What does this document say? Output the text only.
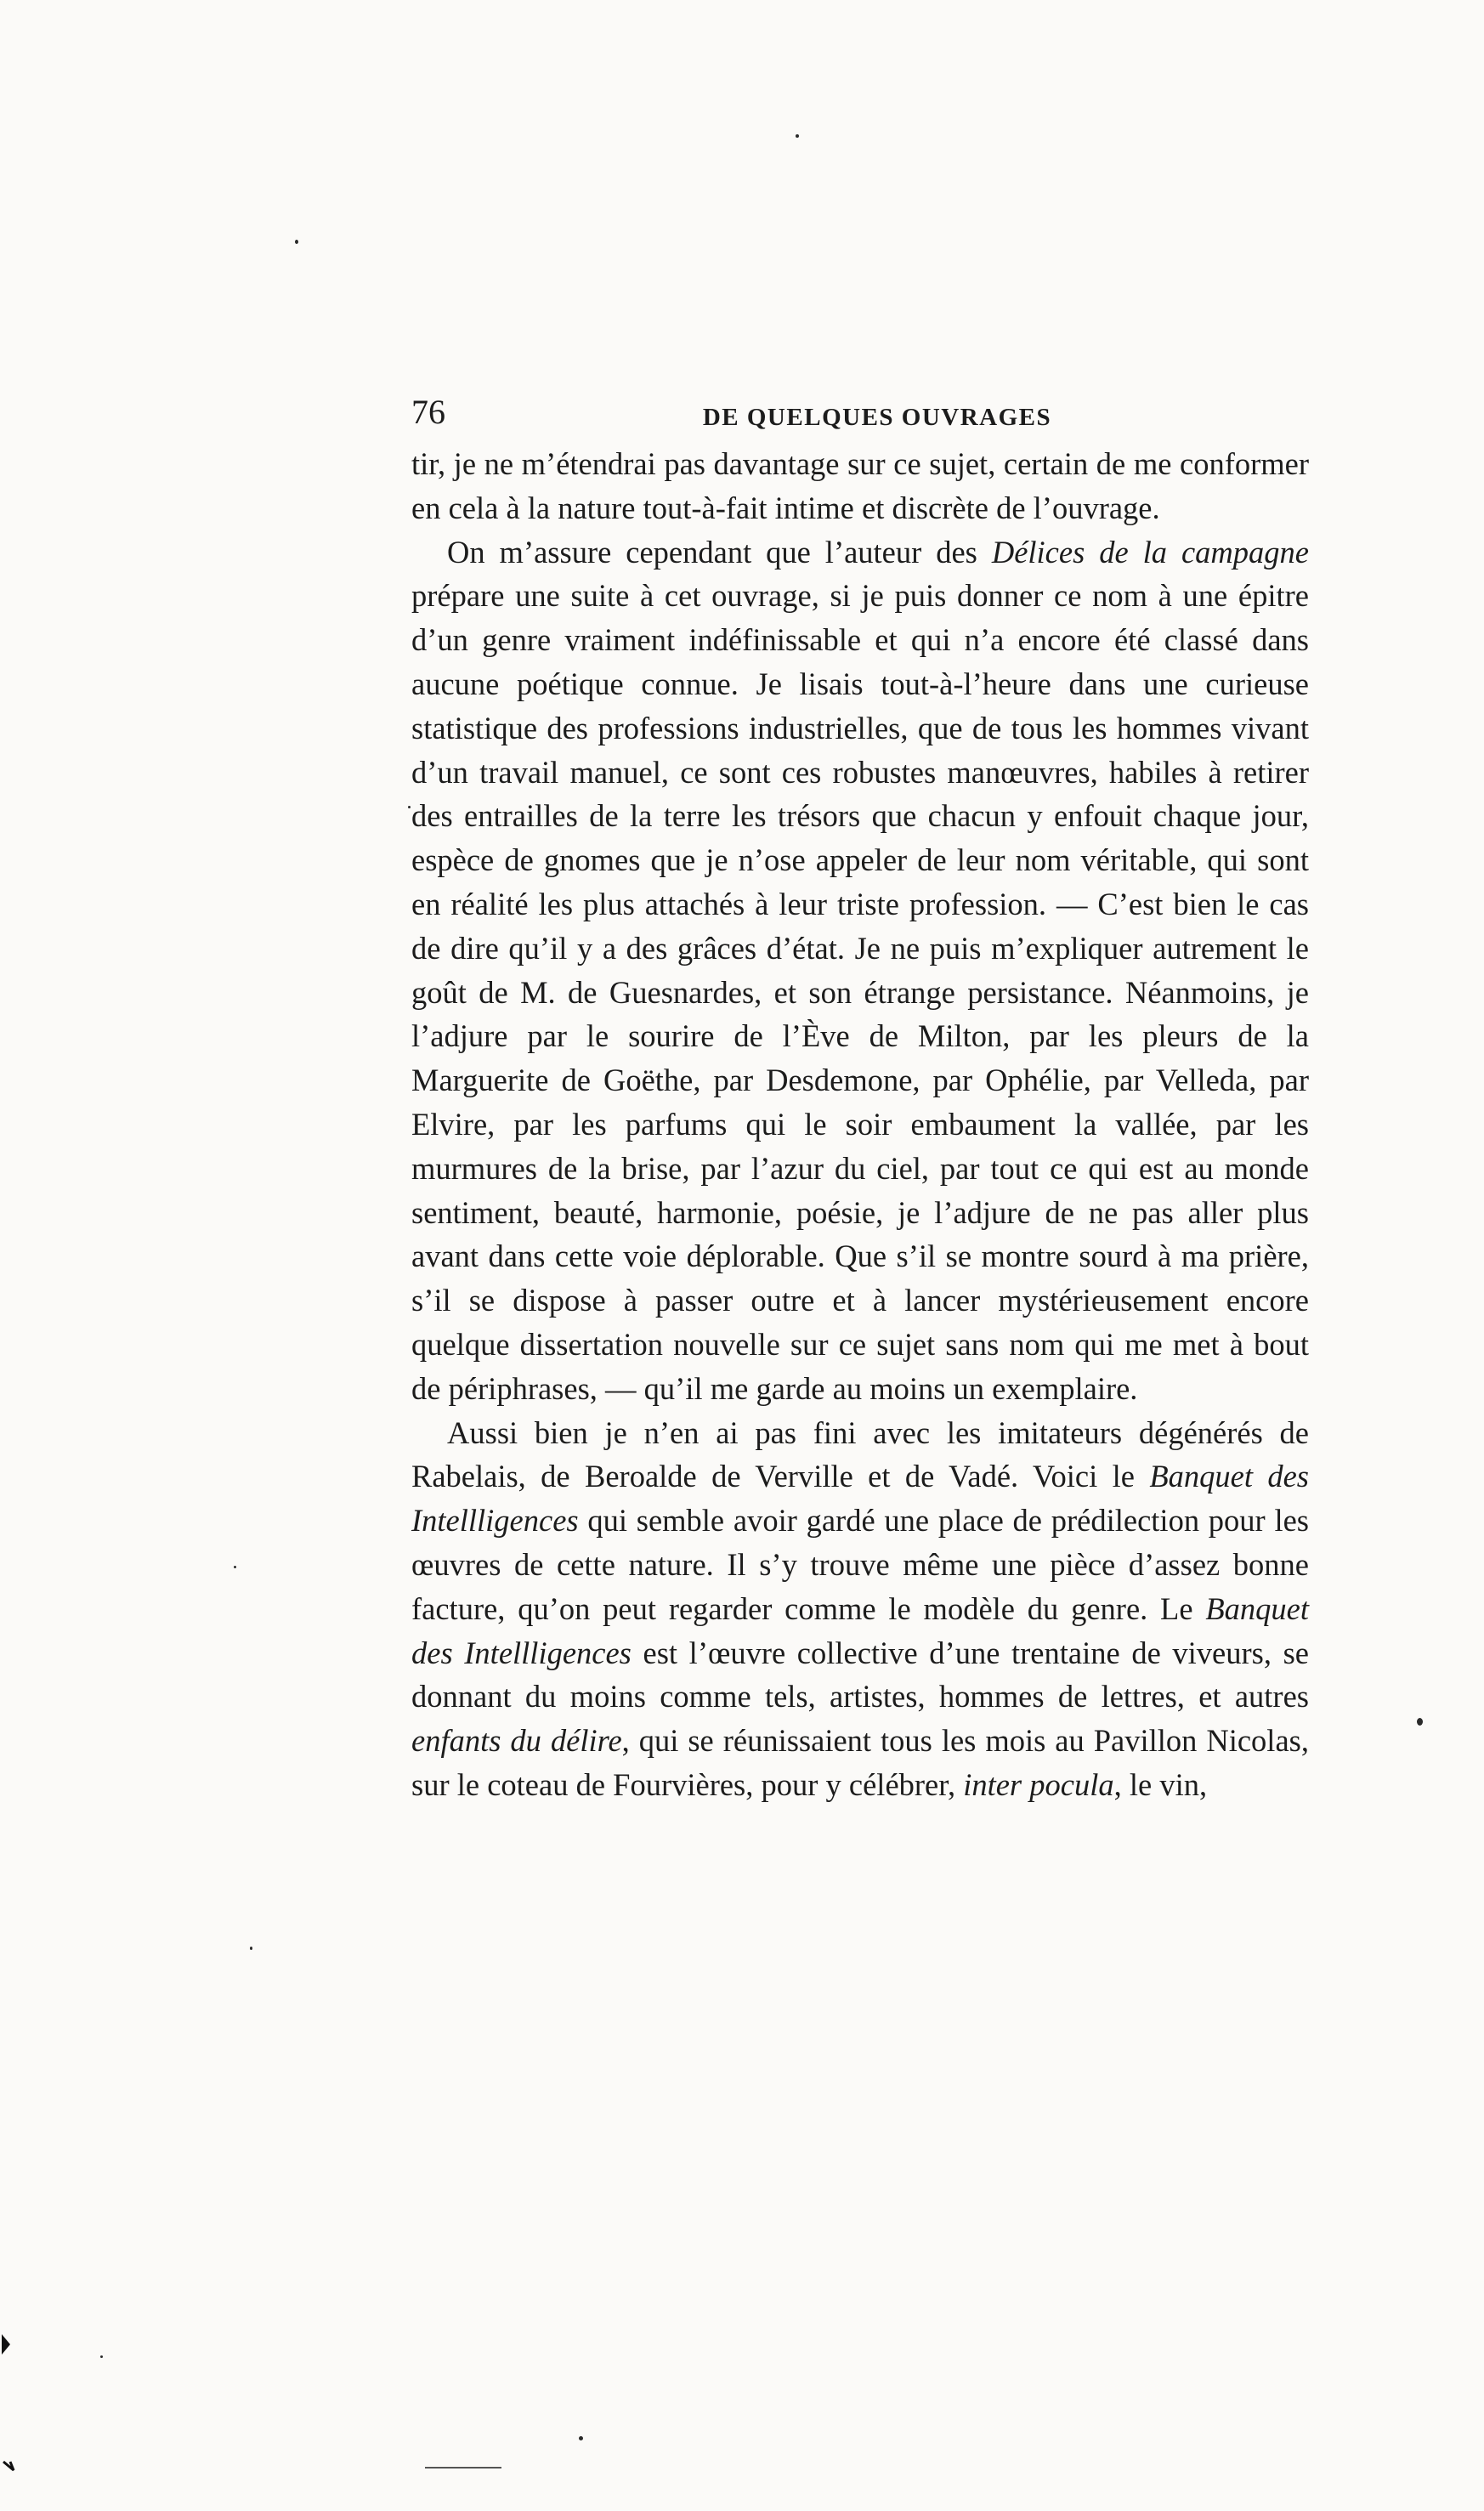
76	DE QUELQUES OUVRAGES

tir, je ne m’étendrai pas davantage sur ce sujet, certain de me conformer en cela à la nature tout-à-fait intime et discrète de l’ouvrage.

On m’assure cependant que l’auteur des Délices de la campagne prépare une suite à cet ouvrage, si je puis donner ce nom à une épitre d’un genre vraiment indéfinissable et qui n’a encore été classé dans aucune poétique connue. Je lisais tout-à-l’heure dans une curieuse statistique des professions industrielles, que de tous les hommes vivant d’un travail manuel, ce sont ces robustes manœuvres, habiles à retirer des entrailles de la terre les trésors que chacun y enfouit chaque jour, espèce de gnomes que je n’ose appeler de leur nom véritable, qui sont en réalité les plus attachés à leur triste profession. — C’est bien le cas de dire qu’il y a des grâces d’état. Je ne puis m’expliquer autrement le goût de M. de Guesnardes, et son étrange persistance. Néanmoins, je l’adjure par le sourire de l’Ève de Milton, par les pleurs de la Marguerite de Goëthe, par Desdemone, par Ophélie, par Velleda, par Elvire, par les parfums qui le soir embaument la vallée, par les murmures de la brise, par l’azur du ciel, par tout ce qui est au monde sentiment, beauté, harmonie, poésie, je l’adjure de ne pas aller plus avant dans cette voie déplorable. Que s’il se montre sourd à ma prière, s’il se dispose à passer outre et à lancer mystérieusement encore quelque dissertation nouvelle sur ce sujet sans nom qui me met à bout de périphrases, — qu’il me garde au moins un exemplaire.

Aussi bien je n’en ai pas fini avec les imitateurs dégénérés de Rabelais, de Beroalde de Verville et de Vadé. Voici le Banquet des Intellligences qui semble avoir gardé une place de prédilection pour les œuvres de cette nature. Il s’y trouve même une pièce d’assez bonne facture, qu’on peut regarder comme le modèle du genre. Le Banquet des Intellligences est l’œuvre collective d’une trentaine de viveurs, se donnant du moins comme tels, artistes, hommes de lettres, et autres enfants du délire, qui se réunissaient tous les mois au Pavillon Nicolas, sur le coteau de Fourvières, pour y célébrer, inter pocula, le vin,
